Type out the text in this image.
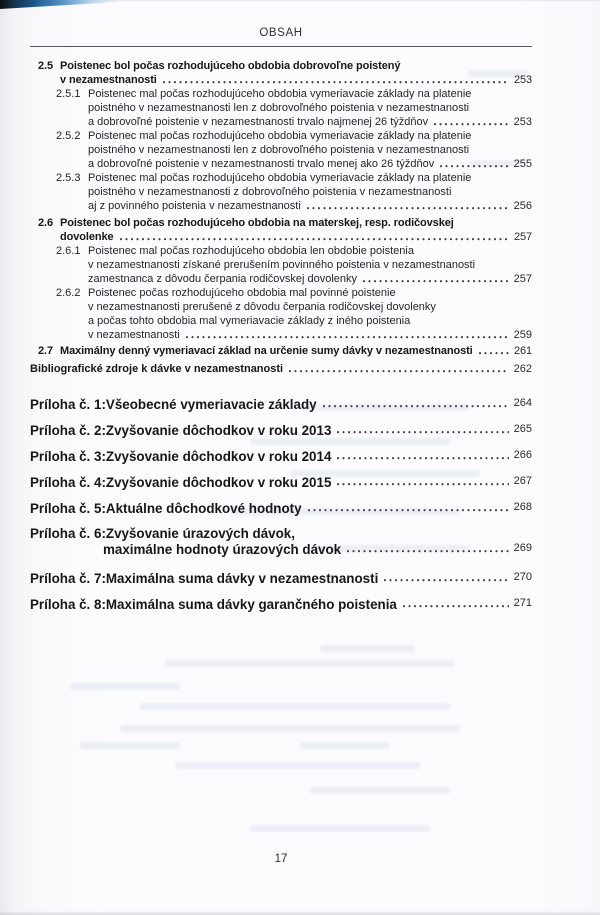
OBSAH
2.5 Poistenec bol počas rozhodujúceho obdobia dobrovoľne poistený
v nezamestnanosti	253
2.5.1 Poistenec mal počas rozhodujúceho obdobia vymeriavacie základy na platenie
poistného v nezamestnanosti len z dobrovoľného poistenia v nezamestnanosti
a dobrovoľné poistenie v nezamestnanosti trvalo najmenej 26 týždňov	253
2.5.2 Poistenec mal počas rozhodujúceho obdobia vymeriavacie základy na platenie
poistného v nezamestnanosti len z dobrovoľného poistenia v nezamestnanosti
a dobrovoľné poistenie v nezamestnanosti trvalo menej ako 26 týždňov	255
2.5.3 Poistenec mal počas rozhodujúceho obdobia vymeriavacie základy na platenie
poistného v nezamestnanosti z dobrovoľného poistenia v nezamestnanosti
aj z povinného poistenia v nezamestnanosti	256
2.6 Poistenec bol počas rozhodujúceho obdobia na materskej, resp. rodičovskej
dovolenke	257
2.6.1 Poistenec mal počas rozhodujúceho obdobia len obdobie poistenia
v nezamestnanosti získané prerušením povinného poistenia v nezamestnanosti
zamestnanca z dôvodu čerpania rodičovskej dovolenky	257
2.6.2 Poistenec počas rozhodujúceho obdobia mal povinné poistenie
v nezamestnanosti prerušené z dôvodu čerpania rodičovskej dovolenky
a počas tohto obdobia mal vymeriavacie základy z iného poistenia
v nezamestnanosti	259
2.7 Maximálny denný vymeriavací základ na určenie sumy dávky v nezamestnanosti	261
Bibliografické zdroje k dávke v nezamestnanosti	262
Príloha č. 1: Všeobecné vymeriavacie základy	264
Príloha č. 2: Zvyšovanie dôchodkov v roku 2013	265
Príloha č. 3: Zvyšovanie dôchodkov v roku 2014	266
Príloha č. 4: Zvyšovanie dôchodkov v roku 2015	267
Príloha č. 5: Aktuálne dôchodkové hodnoty	268
Príloha č. 6: Zvyšovanie úrazových dávok,
maximálne hodnoty úrazových dávok	269
Príloha č. 7: Maximálna suma dávky v nezamestnanosti	270
Príloha č. 8: Maximálna suma dávky garančného poistenia	271
17
